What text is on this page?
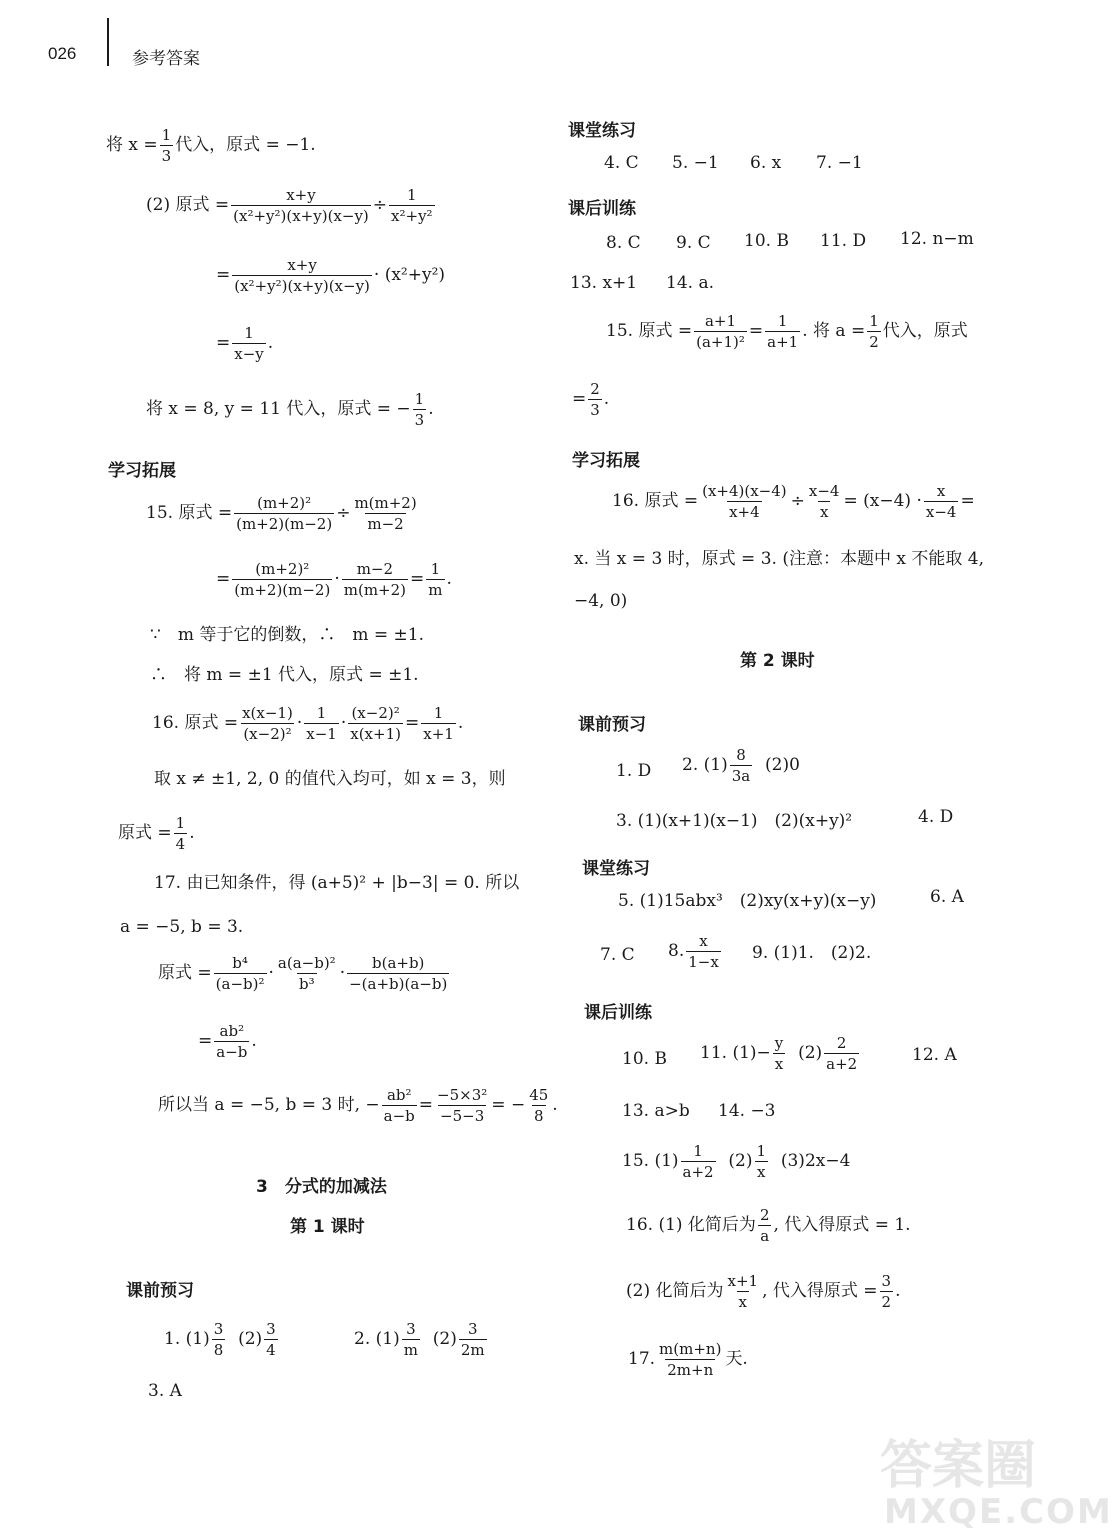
026	参考答案
将 $x = \frac{1}{3}$ 代入，原式 = −1.
(2) 原式 = $\frac{x+y}{\text{(x²+y²)(x+y)(x−y)}} \div \frac{1}{\text{x²+y²}}$
= $\frac{x+y}{\text{(x²+y²)(x+y)(x−y)}} \cdot (x^2+y^2)$
= $\frac{1}{x-y}$ .
将 x = 8, y = 11 代入，原式 = − $\frac{1}{3}$ .
学习拓展
15. 原式 = $\frac{\text{(m+2)²}}{(m+2)(m-2)} \div \frac{m(m+2)}{m-2}$
= $\frac{\text{(m+2)²}}{(m+2)(m-2)} \cdot \frac{m-2}{m(m+2)} = \frac{1}{m}$ .
∵　m 等于它的倒数，∴　m = ±1.
∴　将 m = ±1 代入，原式 = ±1.
16. 原式 = $\frac{x(x-1)}{\text{(x−2)²}} \cdot \frac{1}{x-1} \cdot \frac{\text{(x−2)²}}{x(x+1)} = \frac{1}{x+1}$ .
取 x ≠ ±1, 2, 0 的值代入均可，如 x = 3，则
原式 = $\frac{1}{4}$ .
17. 由已知条件，得 (a+5)² + |b−3| = 0. 所以
a = −5, b = 3.
原式 = $\frac{\text{b⁴}}{\text{(a−b)²}} \cdot \frac{\text{a(a−b)²}}{\text{b³}} \cdot \frac{b(a+b)}{-(a+b)(a-b)}$
= $\frac{\text{ab²}}{a-b}$ .
所以当 a = −5, b = 3 时, − $\frac{\text{ab²}}{a-b} = \frac{\text{−5×3²}}{-5-3}$ = − $\frac{45}{8}$ .
3　分式的加减法
第 1 课时
课前预习
1. $(1) \frac{3}{8} (2) \frac{3}{4}$	2. $(1) \frac{3}{m} (2) \frac{3}{2m}$
3. A
课堂练习
4. C 5. −1 6. x 7. −1
课后训练
8. C 9. C 10. B 11. D 12. n−m
13. x+1 14. a.
15. 原式 = $\frac{a+1}{\text{(a+1)²}} = \frac{1}{a+1}$ . 将 $a = \frac{1}{2}$ 代入，原式
= $\frac{2}{3}$ .
学习拓展
16. 原式 = $\frac{(x+4)(x-4)}{x+4} \div \frac{x-4}{x} = (x-4) \cdot \frac{x}{x-4}$ =
x. 当 x = 3 时，原式 = 3. (注意：本题中 x 不能取 4,
−4, 0)
第 2 课时
课前预习
1. D 2. $(1) \frac{8}{3a} (2)0$
3. (1)(x+1)(x−1)　(2)(x+y)²	4. D
课堂练习
5. (1)15abx³　(2)xy(x+y)(x−y)	6. A
7. C 8. $\frac{x}{1-x} 9$. (1)1.　(2)2.
课后训练
10. B 11. $(1)- \frac{y}{x} (2) \frac{2}{a+2}$	12. A
13. a>b 14. −3
15. $(1) \frac{1}{a+2} (2) \frac{1}{x} (3)2x-4$
16. (1) 化简后为 $\frac{2}{a}$ , 代入得原式 = 1.
(2) 化简后为 $\frac{x+1}{x}$ , 代入得原式 = $\frac{3}{2}$ .
17. $\frac{m(m+n)}{2m+n}$ 天.
答案圈
MXQE.COM
